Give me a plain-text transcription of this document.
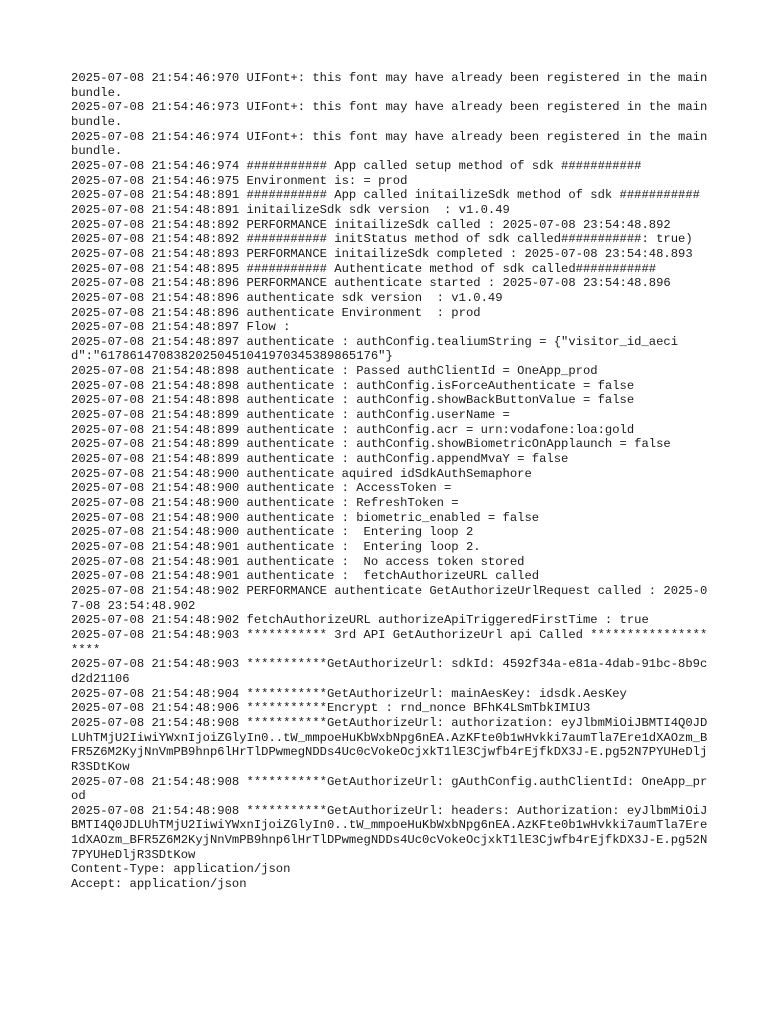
2025-07-08 21:54:46:970 UIFont+: this font may have already been registered in the main bundle.
2025-07-08 21:54:46:973 UIFont+: this font may have already been registered in the main bundle.
2025-07-08 21:54:46:974 UIFont+: this font may have already been registered in the main bundle.
2025-07-08 21:54:46:974 ########### App called setup method of sdk ###########
2025-07-08 21:54:46:975 Environment is: = prod
2025-07-08 21:54:48:891 ########### App called initailizeSdk method of sdk ###########
2025-07-08 21:54:48:891 initailizeSdk sdk version  : v1.0.49
2025-07-08 21:54:48:892 PERFORMANCE initailizeSdk called : 2025-07-08 23:54:48.892
2025-07-08 21:54:48:892 ########### initStatus method of sdk called###########: true)
2025-07-08 21:54:48:893 PERFORMANCE initailizeSdk completed : 2025-07-08 23:54:48.893
2025-07-08 21:54:48:895 ########### Authenticate method of sdk called###########
2025-07-08 21:54:48:896 PERFORMANCE authenticate started : 2025-07-08 23:54:48.896
2025-07-08 21:54:48:896 authenticate sdk version  : v1.0.49
2025-07-08 21:54:48:896 authenticate Environment  : prod
2025-07-08 21:54:48:897 Flow :
2025-07-08 21:54:48:897 authenticate : authConfig.tealiumString = {"visitor_id_aecid":"61786147083820250451041970345389865176"}
2025-07-08 21:54:48:898 authenticate : Passed authClientId = OneApp_prod
2025-07-08 21:54:48:898 authenticate : authConfig.isForceAuthenticate = false
2025-07-08 21:54:48:898 authenticate : authConfig.showBackButtonValue = false
2025-07-08 21:54:48:899 authenticate : authConfig.userName =
2025-07-08 21:54:48:899 authenticate : authConfig.acr = urn:vodafone:loa:gold
2025-07-08 21:54:48:899 authenticate : authConfig.showBiometricOnApplaunch = false
2025-07-08 21:54:48:899 authenticate : authConfig.appendMvaY = false
2025-07-08 21:54:48:900 authenticate aquired idSdkAuthSemaphore
2025-07-08 21:54:48:900 authenticate : AccessToken =
2025-07-08 21:54:48:900 authenticate : RefreshToken =
2025-07-08 21:54:48:900 authenticate : biometric_enabled = false
2025-07-08 21:54:48:900 authenticate :  Entering loop 2
2025-07-08 21:54:48:901 authenticate :  Entering loop 2.
2025-07-08 21:54:48:901 authenticate :  No access token stored
2025-07-08 21:54:48:901 authenticate :  fetchAuthorizeURL called
2025-07-08 21:54:48:902 PERFORMANCE authenticate GetAuthorizeUrlRequest called : 2025-07-08 23:54:48.902
2025-07-08 21:54:48:902 fetchAuthorizeURL authorizeApiTriggeredFirstTime : true
2025-07-08 21:54:48:903 *********** 3rd API GetAuthorizeUrl api Called ********************
2025-07-08 21:54:48:903 ***********GetAuthorizeUrl: sdkId: 4592f34a-e81a-4dab-91bc-8b9cd2d21106
2025-07-08 21:54:48:904 ***********GetAuthorizeUrl: mainAesKey: idsdk.AesKey
2025-07-08 21:54:48:906 ***********Encrypt : rnd_nonce BFhK4LSmTbkIMIU3
2025-07-08 21:54:48:908 ***********GetAuthorizeUrl: authorization: eyJlbmMiOiJBMTI4Q0JDLUhTMjU2IiwiYWxnIjoiZGlyIn0..tW_mmpoeHuKbWxbNpg6nEA.AzKFte0b1wHvkki7aumTla7Ere1dXAOzm_BFR5Z6M2KyjNnVmPB9hnp6lHrTlDPwmegNDDs4Uc0cVokeOcjxkT1lE3Cjwfb4rEjfkDX3J-E.pg52N7PYUHeDljR3SDtKow
2025-07-08 21:54:48:908 ***********GetAuthorizeUrl: gAuthConfig.authClientId: OneApp_prod
2025-07-08 21:54:48:908 ***********GetAuthorizeUrl: headers: Authorization: eyJlbmMiOiJBMTI4Q0JDLUhTMjU2IiwiYWxnIjoiZGlyIn0..tW_mmpoeHuKbWxbNpg6nEA.AzKFte0b1wHvkki7aumTla7Ere1dXAOzm_BFR5Z6M2KyjNnVmPB9hnp6lHrTlDPwmegNDDs4Uc0cVokeOcjxkT1lE3Cjwfb4rEjfkDX3J-E.pg52N7PYUHeDljR3SDtKow
Content-Type: application/json
Accept: application/json
